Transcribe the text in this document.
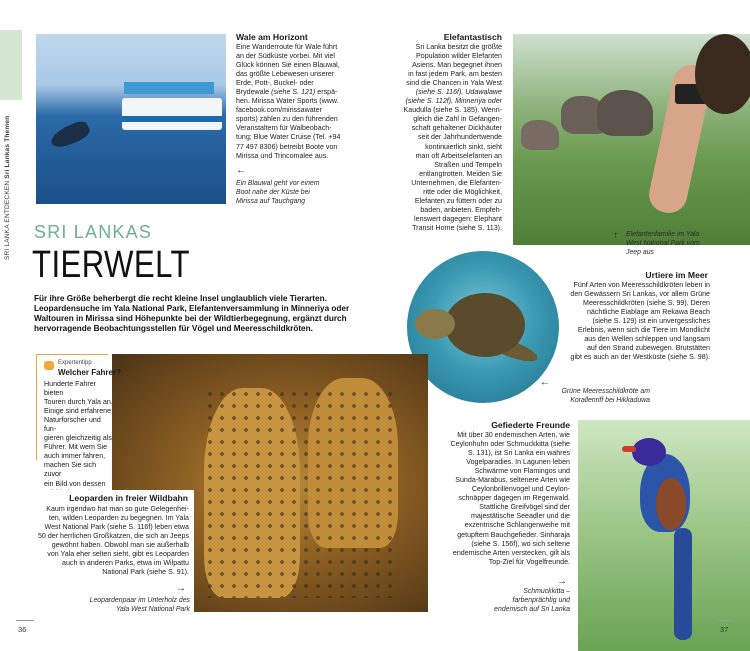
SRI LANKA ENTDECKEN Sri Lankas Themen
Wale am Horizont
Eine Wanderroute für Wale führt
an der Südküste vorbei. Mit viel
Glück können Sie einen Blauwal,
das größte Lebewesen unserer
Erde, Pott-, Buckel- oder
Brydewale (siehe S. 121) erspä-
hen. Mirissa Water Sports (www.
facebook.com/mirissawater
sports) zählen zu den führenden
Veranstaltern für Walbeobach-
tung; Blue Water Cruise (Tel. +94
77 497 8306) betreibt Boote von
Mirissa und Trincomalee aus.
←
Ein Blauwal geht vor einem
Boot nahe der Küste bei
Mirissa auf Tauchgang
Elefantastisch
Sri Lanka besitzt die größte
Population wilder Elefanten
Asiens. Man begegnet ihnen
in fast jedem Park, am besten
sind die Chancen in Yala West
(siehe S. 116f), Udawalawe
(siehe S. 112f), Minneriya oder
Kaudulla (siehe S. 185). Wenn-
gleich die Zahl in Gefangen-
schaft gehaltener Dickhäuter
seit der Jahrhundertwende
kontinuierlich sinkt, sieht
man oft Arbeitselefanten an
Straßen und Tempeln
entlangtrotten. Meiden Sie
Unternehmen, die Elefanten-
ritte oder die Möglichkeit,
Elefanten zu füttern oder zu
baden, anbieten. Empfeh-
lenswert dagegen: Elephant
Transit Home (siehe S. 113).
↑ Elefantenfamilie im Yala
West National Park vom
Jeep aus
SRI LANKAS
TIERWELT
Für ihre Größe beherbergt die recht kleine Insel unglaublich viele Tierarten. Leopardensuche im Yala National Park, Elefantenversammlung in Minneriya oder Waltouren in Mirissa sind Höhepunkte bei der Wildtierbegegnung, ergänzt durch hervorragende Beobachtungsstellen für Vögel und Meeresschildkröten.
Urtiere im Meer
Fünf Arten von Meeresschildkröten leben in
den Gewässern Sri Lankas, vor allem Grüne
Meeresschildkröten (siehe S. 99). Deren
nächtliche Eiablage am Rekawa Beach
(siehe S. 129) ist ein unvergessliches
Erlebnis, wenn sich die Tiere im Mondlicht
aus den Wellen schleppen und langsam
auf den Strand zubewegen. Brutstätten
gibt es auch an der Westküste (siehe S. 98).
←
Grüne Meeresschildkröte am
Korallenriff bei Hikkaduwa
Expertentipp
Welcher Fahrer?
Hunderte Fahrer bieten
Touren durch Yala an.
Einige sind erfahrene
Naturforscher und fun-
gieren gleichzeitig als
Führer. Mit wem Sie
auch immer fahren,
machen Sie sich zuvor
ein Bild von dessen
Leoparden in freier Wildbahn
Kaum irgendwo hat man so gute Gelegenhei-
ten, wilden Leoparden zu begegnen. Im Yala
West National Park (siehe S. 116f) leben etwa
50 der herrlichen Großkatzen, die sich an Jeeps
gewöhnt haben. Obwohl man sie außerhalb
von Yala eher selten sieht, gibt es Leoparden
auch in anderen Parks, etwa im Wilpattu
National Park (siehe S. 91).
→
Leopardenpaar im Unterholz des
Yala West National Park
Gefiederte Freunde
Mit über 30 endemischen Arten, wie
Ceylonhuhn oder Schmuckkitta (siehe
S. 131), ist Sri Lanka ein wahres
Vogelparadies. In Lagunen leben
Schwärme von Flamingos und
Sunda-Marabus, seltenere Arten wie
Ceylonbrillenvogel und Ceylon-
schnäpper dagegen im Regenwald.
Stattliche Greifvögel sind der
majestätische Seeadler und die
exzentrische Schlangenweihe mit
getupftem Bauchgefieder. Sinharaja
(siehe S. 156f), wo sich seltene
endemische Arten verstecken, gilt als
Top-Ziel für Vogelfreunde.
→
Schmuckkitta –
farbenprächtig und
endemisch auf Sri Lanka
36	37
